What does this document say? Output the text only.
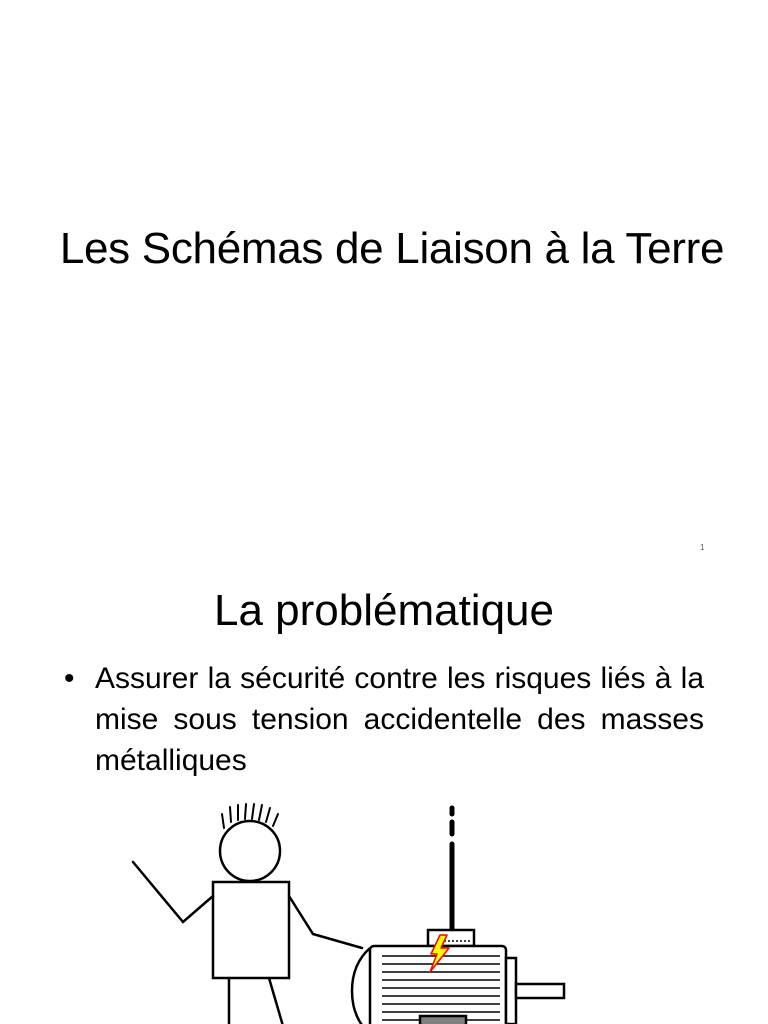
Les Schémas de Liaison à la Terre
1
La problématique
• Assurer la sécurité contre les risques liés à la mise sous tension accidentelle des masses métalliques
